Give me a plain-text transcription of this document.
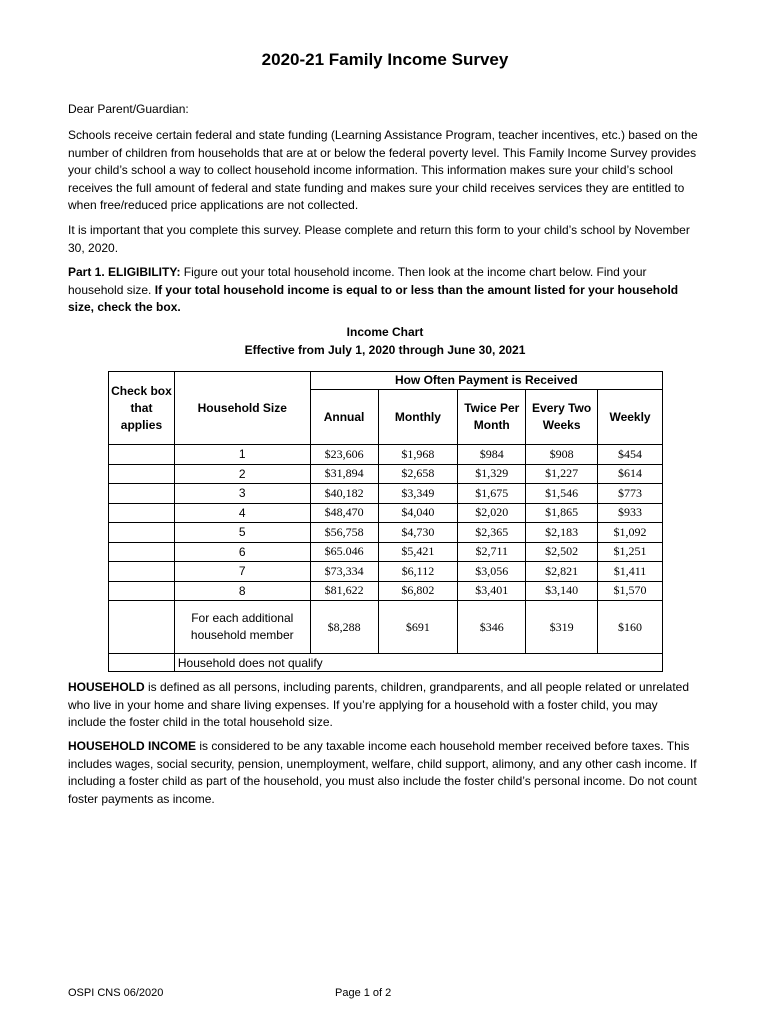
2020-21 Family Income Survey

Dear Parent/Guardian:

Schools receive certain federal and state funding (Learning Assistance Program, teacher incentives, etc.) based on the number of children from households that are at or below the federal poverty level. This Family Income Survey provides your child’s school a way to collect household income information. This information makes sure your child’s school receives the full amount of federal and state funding and makes sure your child receives services they are entitled to when free/reduced price applications are not collected.

It is important that you complete this survey. Please complete and return this form to your child’s school by November 30, 2020.

Part 1. ELIGIBILITY: Figure out your total household income. Then look at the income chart below. Find your household size. If your total household income is equal to or less than the amount listed for your household size, check the box.

Income Chart
Effective from July 1, 2020 through June 30, 2021
Check box that applies	Household Size	How Often Payment is Received				
		Annual	Monthly	Twice Per Month	Every Two Weeks	Weekly
	1	$23,606	$1,968	$984	$908	$454
	2	$31,894	$2,658	$1,329	$1,227	$614
	3	$40,182	$3,349	$1,675	$1,546	$773
	4	$48,470	$4,040	$2,020	$1,865	$933
	5	$56,758	$4,730	$2,365	$2,183	$1,092
	6	$65.046	$5,421	$2,711	$2,502	$1,251
	7	$73,334	$6,112	$3,056	$2,821	$1,411
	8	$81,622	$6,802	$3,401	$3,140	$1,570
	For each additional household member	$8,288	$691	$346	$319	$160
	Household does not qualify					

HOUSEHOLD is defined as all persons, including parents, children, grandparents, and all people related or unrelated who live in your home and share living expenses. If you’re applying for a household with a foster child, you may include the foster child in the total household size.

HOUSEHOLD INCOME is considered to be any taxable income each household member received before taxes. This includes wages, social security, pension, unemployment, welfare, child support, alimony, and any other cash income. If including a foster child as part of the household, you must also include the foster child’s personal income. Do not count foster payments as income.

OSPI CNS 06/2020	Page 1 of 2
